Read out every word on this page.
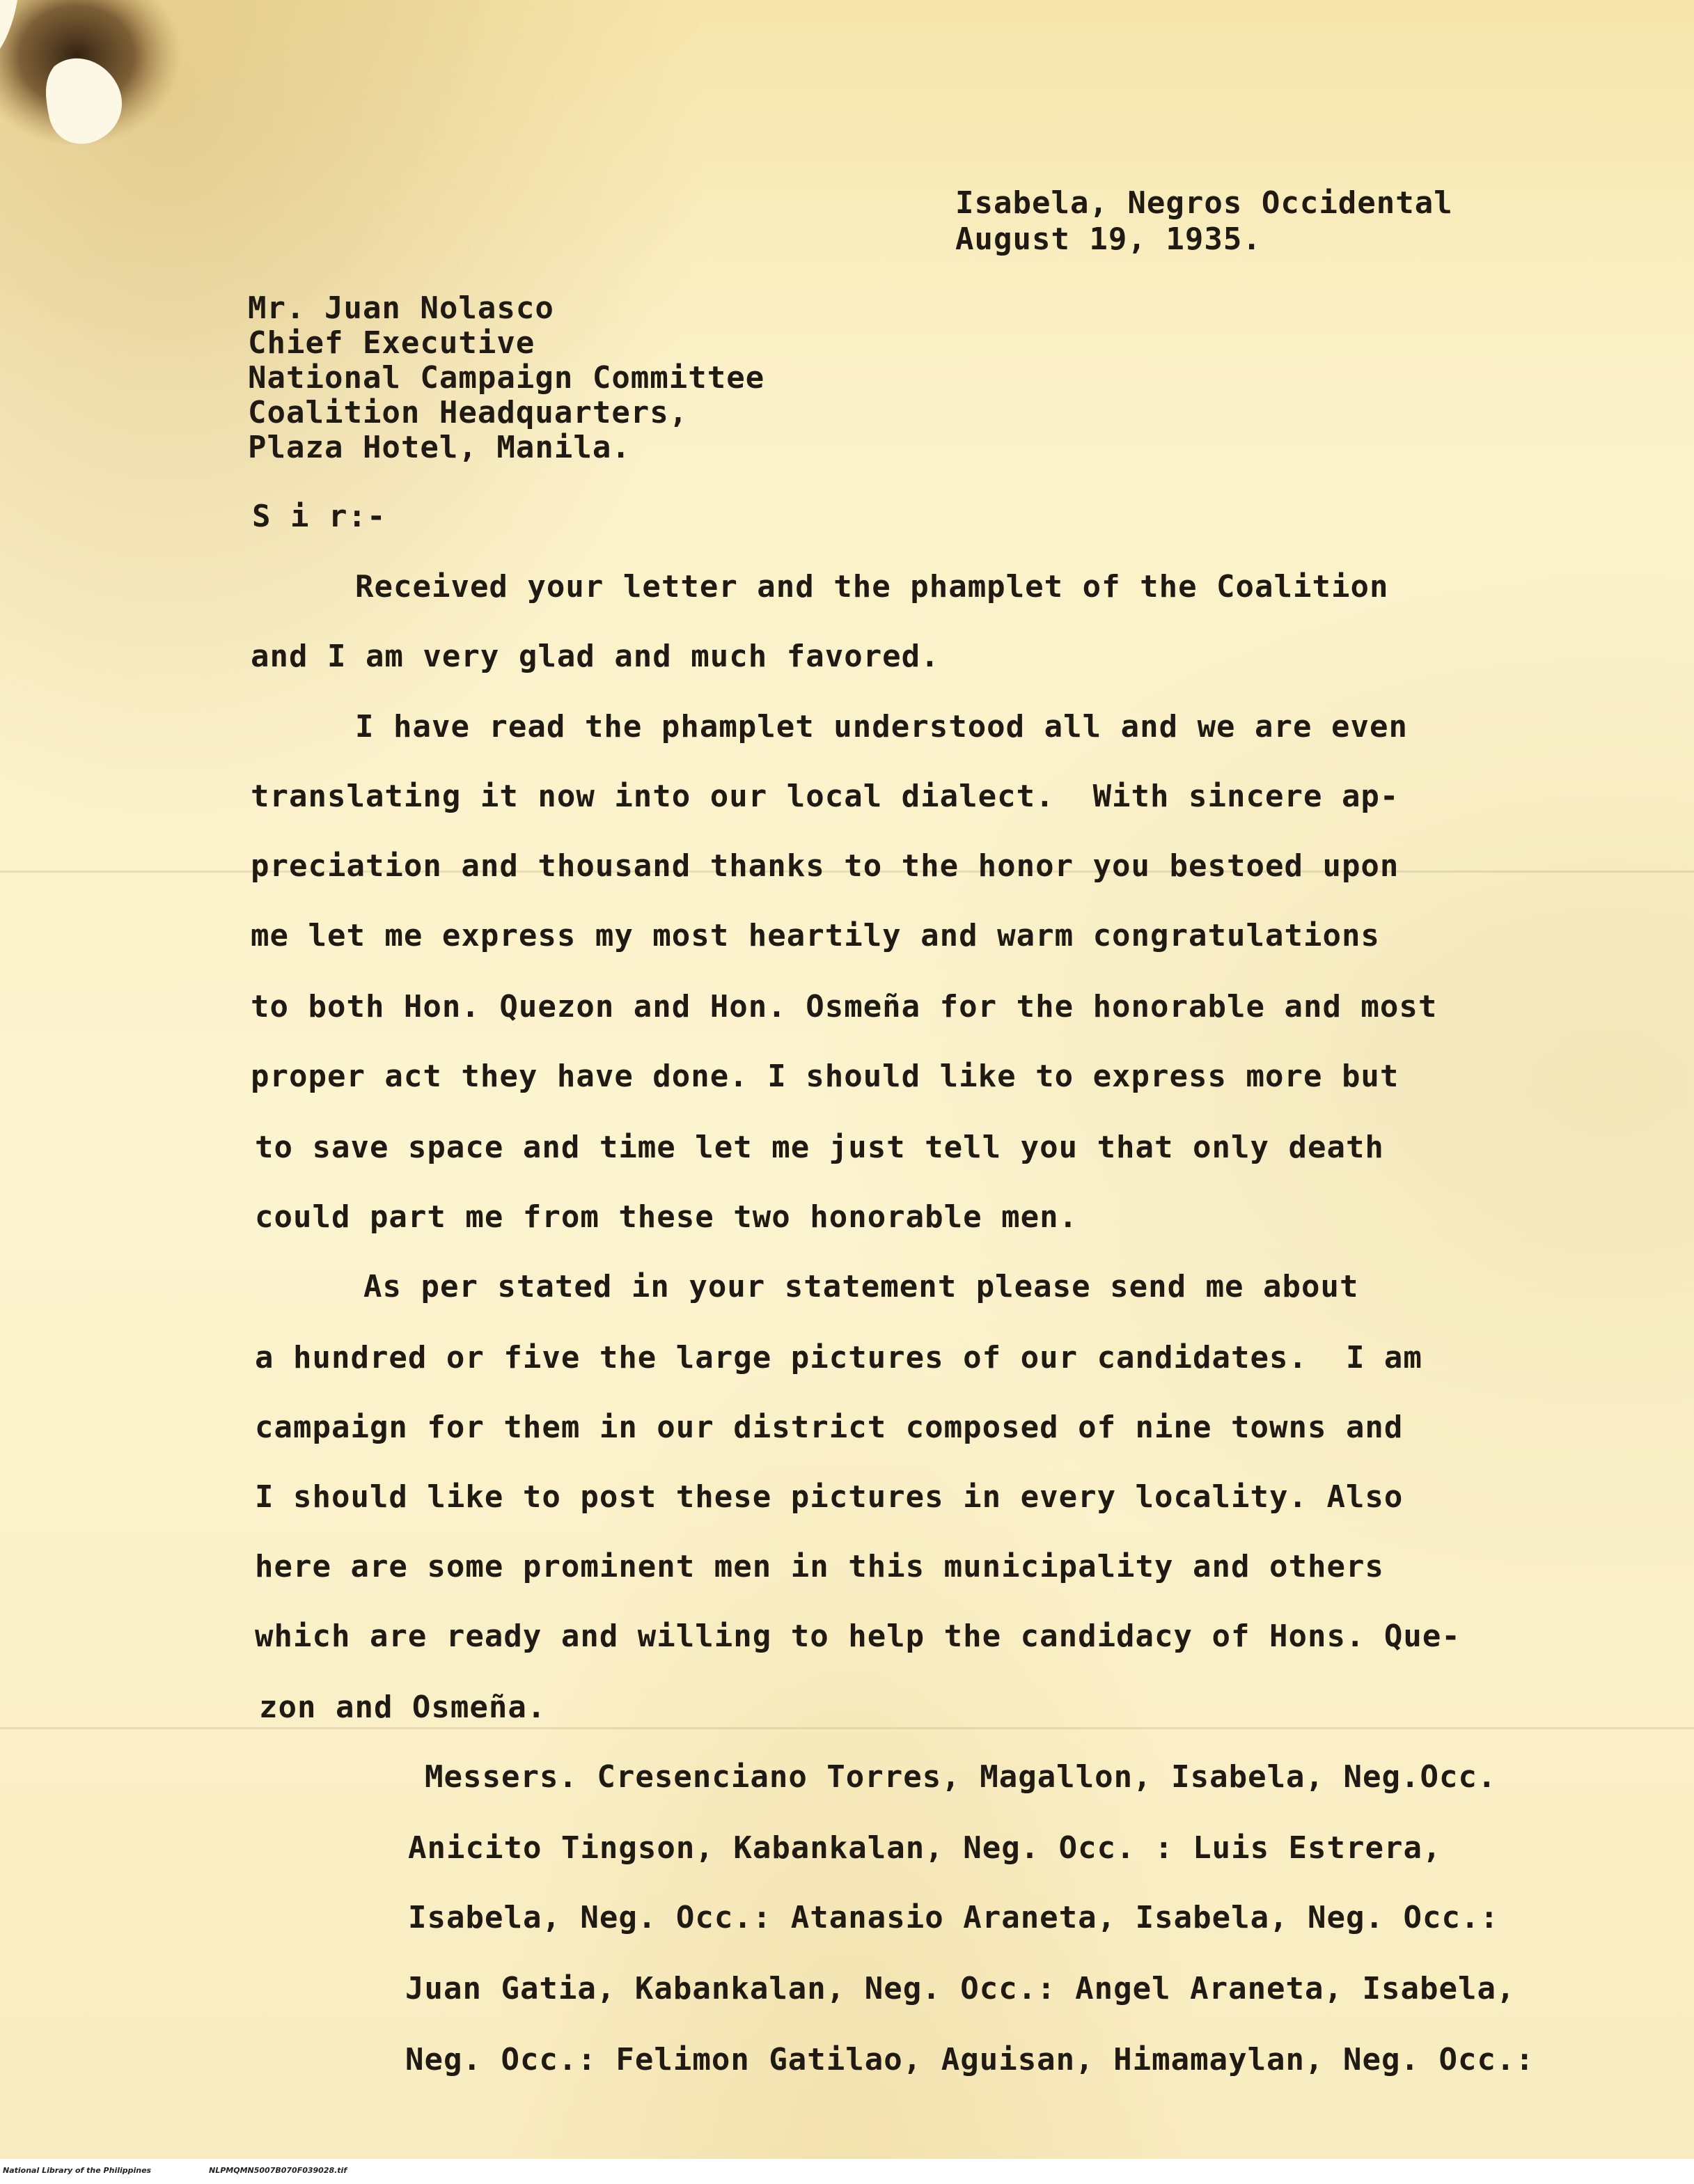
Isabela, Negros Occidental

August 19, 1935.

Mr. Juan Nolasco

Chief Executive

National Campaign Committee

Coalition Headquarters,

Plaza Hotel, Manila.

S i r:-

Received your letter and the phamplet of the Coalition

and I am very glad and much favored.

I have read the phamplet understood all and we are even

translating it now into our local dialect.  With sincere ap-

preciation and thousand thanks to the honor you bestoed upon

me let me express my most heartily and warm congratulations

to both Hon. Quezon and Hon. Osmeña for the honorable and most

proper act they have done. I should like to express more but

to save space and time let me just tell you that only death

could part me from these two honorable men.

As per stated in your statement please send me about

a hundred or five the large pictures of our candidates.  I am

campaign for them in our district composed of nine towns and

I should like to post these pictures in every locality. Also

here are some prominent men in this municipality and others

which are ready and willing to help the candidacy of Hons. Que-

zon and Osmeña.

Messers. Cresenciano Torres, Magallon, Isabela, Neg.Occ.

Anicito Tingson, Kabankalan, Neg. Occ. : Luis Estrera,

Isabela, Neg. Occ.: Atanasio Araneta, Isabela, Neg. Occ.:

Juan Gatia, Kabankalan, Neg. Occ.: Angel Araneta, Isabela,

Neg. Occ.: Felimon Gatilao, Aguisan, Himamaylan, Neg. Occ.:

National Library of the Philippines	NLPMQMN5007B070F039028.tif
